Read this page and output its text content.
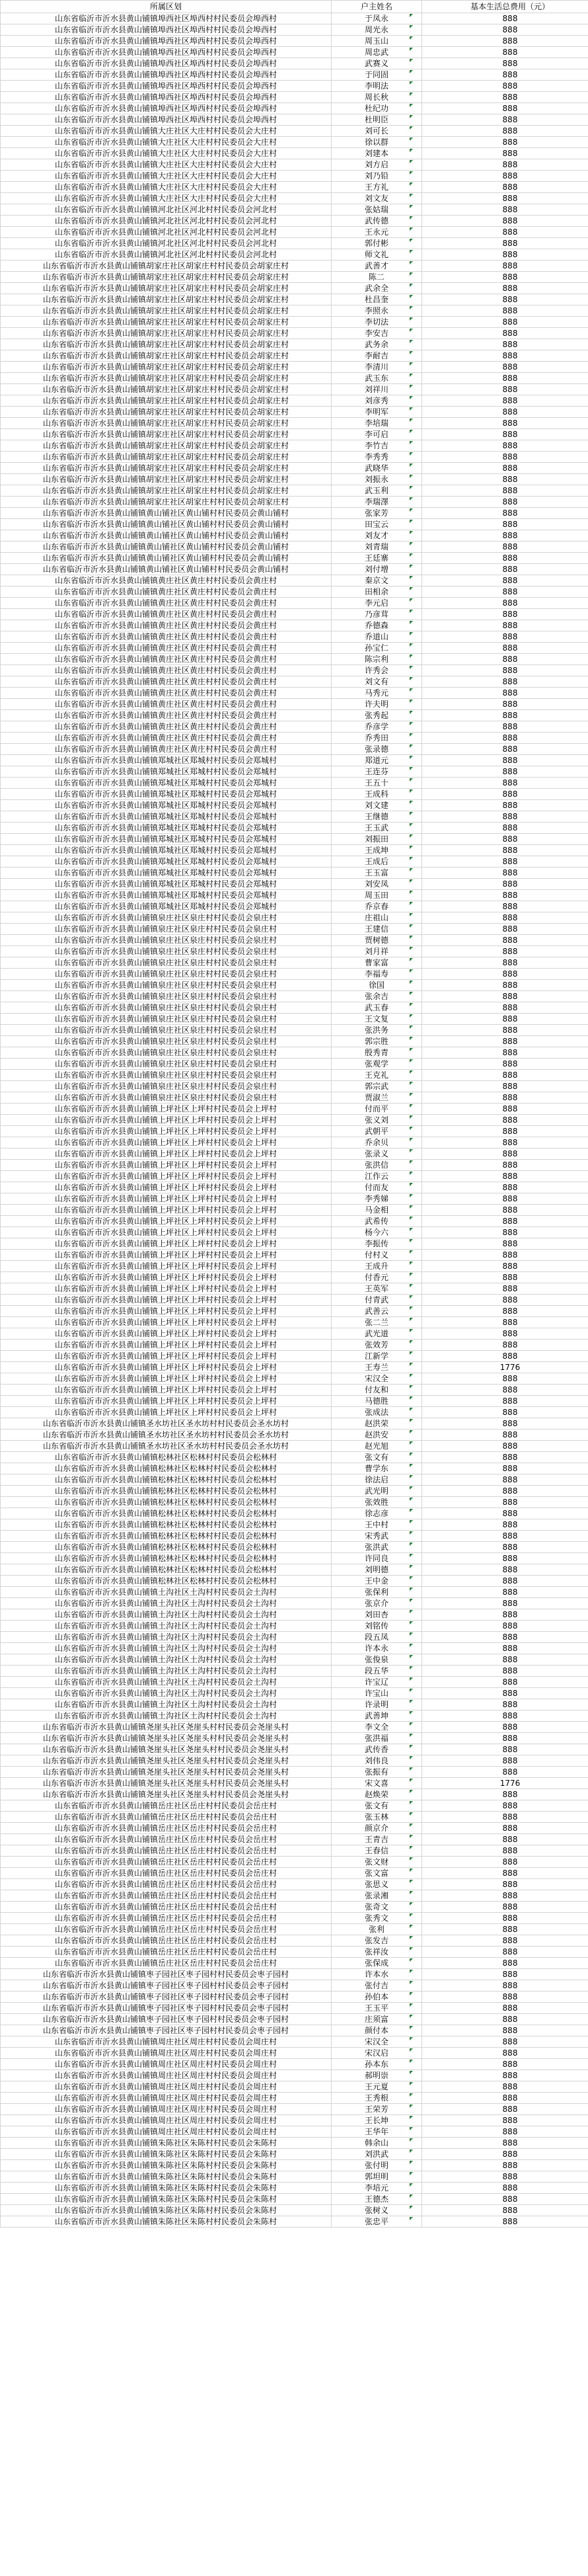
所属区划	户主姓名	基本生活总费用（元）
山东省临沂市沂水县黄山铺镇埠西社区埠西村村民委员会埠西村	于凤永	888
山东省临沂市沂水县黄山铺镇埠西社区埠西村村民委员会埠西村	周光永	888
山东省临沂市沂水县黄山铺镇埠西社区埠西村村民委员会埠西村	周玉山	888
山东省临沂市沂水县黄山铺镇埠西社区埠西村村民委员会埠西村	周忠武	888
山东省临沂市沂水县黄山铺镇埠西社区埠西村村民委员会埠西村	武赛义	888
山东省临沂市沂水县黄山铺镇埠西社区埠西村村民委员会埠西村	于同固	888
山东省临沂市沂水县黄山铺镇埠西社区埠西村村民委员会埠西村	李明法	888
山东省临沂市沂水县黄山铺镇埠西社区埠西村村民委员会埠西村	周长秋	888
山东省临沂市沂水县黄山铺镇埠西社区埠西村村民委员会埠西村	杜纪功	888
山东省临沂市沂水县黄山铺镇埠西社区埠西村村民委员会埠西村	杜明臣	888
山东省临沂市沂水县黄山铺镇大庄社区大庄村村民委员会大庄村	刘可长	888
山东省临沂市沂水县黄山铺镇大庄社区大庄村村民委员会大庄村	徐以群	888
山东省临沂市沂水县黄山铺镇大庄社区大庄村村民委员会大庄村	刘建本	888
山东省临沂市沂水县黄山铺镇大庄社区大庄村村民委员会大庄村	刘方启	888
山东省临沂市沂水县黄山铺镇大庄社区大庄村村民委员会大庄村	刘乃铅	888
山东省临沂市沂水县黄山铺镇大庄社区大庄村村民委员会大庄村	王方礼	888
山东省临沂市沂水县黄山铺镇大庄社区大庄村村民委员会大庄村	刘文友	888
山东省临沂市沂水县黄山铺镇河北社区河北村村民委员会河北村	张姑瑞	888
山东省临沂市沂水县黄山铺镇河北社区河北村村民委员会河北村	武传德	888
山东省临沂市沂水县黄山铺镇河北社区河北村村民委员会河北村	王永元	888
山东省临沂市沂水县黄山铺镇河北社区河北村村民委员会河北村	郭付彬	888
山东省临沂市沂水县黄山铺镇河北社区河北村村民委员会河北村	师文礼	888
山东省临沂市沂水县黄山铺镇胡家庄社区胡家庄村村民委员会胡家庄村	武善才	888
山东省临沂市沂水县黄山铺镇胡家庄社区胡家庄村村民委员会胡家庄村	陈二	888
山东省临沂市沂水县黄山铺镇胡家庄社区胡家庄村村民委员会胡家庄村	武余全	888
山东省临沂市沂水县黄山铺镇胡家庄社区胡家庄村村民委员会胡家庄村	杜昌奎	888
山东省临沂市沂水县黄山铺镇胡家庄社区胡家庄村村民委员会胡家庄村	李照永	888
山东省临沂市沂水县黄山铺镇胡家庄社区胡家庄村村民委员会胡家庄村	李切法	888
山东省临沂市沂水县黄山铺镇胡家庄社区胡家庄村村民委员会胡家庄村	李安吉	888
山东省临沂市沂水县黄山铺镇胡家庄社区胡家庄村村民委员会胡家庄村	武务余	888
山东省临沂市沂水县黄山铺镇胡家庄社区胡家庄村村民委员会胡家庄村	李耐吉	888
山东省临沂市沂水县黄山铺镇胡家庄社区胡家庄村村民委员会胡家庄村	李清川	888
山东省临沂市沂水县黄山铺镇胡家庄社区胡家庄村村民委员会胡家庄村	武玉东	888
山东省临沂市沂水县黄山铺镇胡家庄社区胡家庄村村民委员会胡家庄村	刘祥川	888
山东省临沂市沂水县黄山铺镇胡家庄社区胡家庄村村民委员会胡家庄村	刘彦秀	888
山东省临沂市沂水县黄山铺镇胡家庄社区胡家庄村村民委员会胡家庄村	李明军	888
山东省临沂市沂水县黄山铺镇胡家庄社区胡家庄村村民委员会胡家庄村	李培瑞	888
山东省临沂市沂水县黄山铺镇胡家庄社区胡家庄村村民委员会胡家庄村	李可启	888
山东省临沂市沂水县黄山铺镇胡家庄社区胡家庄村村民委员会胡家庄村	李竹吉	888
山东省临沂市沂水县黄山铺镇胡家庄社区胡家庄村村民委员会胡家庄村	李秀秀	888
山东省临沂市沂水县黄山铺镇胡家庄社区胡家庄村村民委员会胡家庄村	武晓华	888
山东省临沂市沂水县黄山铺镇胡家庄社区胡家庄村村民委员会胡家庄村	刘振永	888
山东省临沂市沂水县黄山铺镇胡家庄社区胡家庄村村民委员会胡家庄村	武玉利	888
山东省临沂市沂水县黄山铺镇胡家庄社区胡家庄村村民委员会胡家庄村	李瑞澤	888
山东省临沂市沂水县黄山铺镇黄山铺社区黄山铺村村民委员会黄山铺村	张家芳	888
山东省临沂市沂水县黄山铺镇黄山铺社区黄山铺村村民委员会黄山铺村	田宝云	888
山东省临沂市沂水县黄山铺镇黄山铺社区黄山铺村村民委员会黄山铺村	刘友才	888
山东省临沂市沂水县黄山铺镇黄山铺社区黄山铺村村民委员会黄山铺村	刘青瑞	888
山东省临沂市沂水县黄山铺镇黄山铺社区黄山铺村村民委员会黄山铺村	王廷寨	888
山东省临沂市沂水县黄山铺镇黄山铺社区黄山铺村村民委员会黄山铺村	刘付增	888
山东省临沂市沂水县黄山铺镇黄庄社区黄庄村村民委员会黄庄村	秦京文	888
山东省临沂市沂水县黄山铺镇黄庄社区黄庄村村民委员会黄庄村	田相余	888
山东省临沂市沂水县黄山铺镇黄庄社区黄庄村村民委员会黄庄村	李元启	888
山东省临沂市沂水县黄山铺镇黄庄社区黄庄村村民委员会黄庄村	乃彦茸	888
山东省临沂市沂水县黄山铺镇黄庄社区黄庄村村民委员会黄庄村	乔德森	888
山东省临沂市沂水县黄山铺镇黄庄社区黄庄村村民委员会黄庄村	乔道山	888
山东省临沂市沂水县黄山铺镇黄庄社区黄庄村村民委员会黄庄村	孙宝仁	888
山东省临沂市沂水县黄山铺镇黄庄社区黄庄村村民委员会黄庄村	陈宗利	888
山东省临沂市沂水县黄山铺镇黄庄社区黄庄村村民委员会黄庄村	许秀会	888
山东省临沂市沂水县黄山铺镇黄庄社区黄庄村村民委员会黄庄村	刘文有	888
山东省临沂市沂水县黄山铺镇黄庄社区黄庄村村民委员会黄庄村	马秀元	888
山东省临沂市沂水县黄山铺镇黄庄社区黄庄村村民委员会黄庄村	许夫明	888
山东省临沂市沂水县黄山铺镇黄庄社区黄庄村村民委员会黄庄村	张秀起	888
山东省临沂市沂水县黄山铺镇黄庄社区黄庄村村民委员会黄庄村	乔彦学	888
山东省临沂市沂水县黄山铺镇黄庄社区黄庄村村民委员会黄庄村	乔秀田	888
山东省临沂市沂水县黄山铺镇黄庄社区黄庄村村民委员会黄庄村	张录德	888
山东省临沂市沂水县黄山铺镇郑城社区郑城村村民委员会郑城村	郑道元	888
山东省临沂市沂水县黄山铺镇郑城社区郑城村村民委员会郑城村	王连芬	888
山东省临沂市沂水县黄山铺镇郑城社区郑城村村民委员会郑城村	王五十	888
山东省临沂市沂水县黄山铺镇郑城社区郑城村村民委员会郑城村	王成科	888
山东省临沂市沂水县黄山铺镇郑城社区郑城村村民委员会郑城村	刘文建	888
山东省临沂市沂水县黄山铺镇郑城社区郑城村村民委员会郑城村	王继德	888
山东省临沂市沂水县黄山铺镇郑城社区郑城村村民委员会郑城村	王玉武	888
山东省临沂市沂水县黄山铺镇郑城社区郑城村村民委员会郑城村	刘振田	888
山东省临沂市沂水县黄山铺镇郑城社区郑城村村民委员会郑城村	王成坤	888
山东省临沂市沂水县黄山铺镇郑城社区郑城村村民委员会郑城村	王成后	888
山东省临沂市沂水县黄山铺镇郑城社区郑城村村民委员会郑城村	王玉富	888
山东省临沂市沂水县黄山铺镇郑城社区郑城村村民委员会郑城村	刘安凤	888
山东省临沂市沂水县黄山铺镇郑城社区郑城村村民委员会郑城村	周玉田	888
山东省临沂市沂水县黄山铺镇郑城社区郑城村村民委员会郑城村	乔京春	888
山东省临沂市沂水县黄山铺镇泉庄社区泉庄村村民委员会泉庄村	庄祖山	888
山东省临沂市沂水县黄山铺镇泉庄社区泉庄村村民委员会泉庄村	王建信	888
山东省临沂市沂水县黄山铺镇泉庄社区泉庄村村民委员会泉庄村	贾树德	888
山东省临沂市沂水县黄山铺镇泉庄社区泉庄村村民委员会泉庄村	刘月祥	888
山东省临沂市沂水县黄山铺镇泉庄社区泉庄村村民委员会泉庄村	曹家富	888
山东省临沂市沂水县黄山铺镇泉庄社区泉庄村村民委员会泉庄村	李福寿	888
山东省临沂市沂水县黄山铺镇泉庄社区泉庄村村民委员会泉庄村	徐国	888
山东省临沂市沂水县黄山铺镇泉庄社区泉庄村村民委员会泉庄村	张余吉	888
山东省临沂市沂水县黄山铺镇泉庄社区泉庄村村民委员会泉庄村	武玉春	888
山东省临沂市沂水县黄山铺镇泉庄社区泉庄村村民委员会泉庄村	王文复	888
山东省临沂市沂水县黄山铺镇泉庄社区泉庄村村民委员会泉庄村	张洪务	888
山东省临沂市沂水县黄山铺镇泉庄社区泉庄村村民委员会泉庄村	郭宗胜	888
山东省临沂市沂水县黄山铺镇泉庄社区泉庄村村民委员会泉庄村	殷秀青	888
山东省临沂市沂水县黄山铺镇泉庄社区泉庄村村民委员会泉庄村	张观学	888
山东省临沂市沂水县黄山铺镇泉庄社区泉庄村村民委员会泉庄村	王克礼	888
山东省临沂市沂水县黄山铺镇泉庄社区泉庄村村民委员会泉庄村	郭宗武	888
山东省临沂市沂水县黄山铺镇泉庄社区泉庄村村民委员会泉庄村	贾淑兰	888
山东省临沂市沂水县黄山铺镇上坪社区上坪村村民委员会上坪村	付而平	888
山东省临沂市沂水县黄山铺镇上坪社区上坪村村民委员会上坪村	张义刘	888
山东省临沂市沂水县黄山铺镇上坪社区上坪村村民委员会上坪村	武朝平	888
山东省临沂市沂水县黄山铺镇上坪社区上坪村村民委员会上坪村	乔余贝	888
山东省临沂市沂水县黄山铺镇上坪社区上坪村村民委员会上坪村	张录义	888
山东省临沂市沂水县黄山铺镇上坪社区上坪村村民委员会上坪村	张洪信	888
山东省临沂市沂水县黄山铺镇上坪社区上坪村村民委员会上坪村	江作云	888
山东省临沂市沂水县黄山铺镇上坪社区上坪村村民委员会上坪村	付而友	888
山东省临沂市沂水县黄山铺镇上坪社区上坪村村民委员会上坪村	李秀娣	888
山东省临沂市沂水县黄山铺镇上坪社区上坪村村民委员会上坪村	马金相	888
山东省临沂市沂水县黄山铺镇上坪社区上坪村村民委员会上坪村	武希传	888
山东省临沂市沂水县黄山铺镇上坪社区上坪村村民委员会上坪村	杨今六	888
山东省临沂市沂水县黄山铺镇上坪社区上坪村村民委员会上坪村	李振传	888
山东省临沂市沂水县黄山铺镇上坪社区上坪村村民委员会上坪村	付村义	888
山东省临沂市沂水县黄山铺镇上坪社区上坪村村民委员会上坪村	王成升	888
山东省临沂市沂水县黄山铺镇上坪社区上坪村村民委员会上坪村	付香元	888
山东省临沂市沂水县黄山铺镇上坪社区上坪村村民委员会上坪村	王英军	888
山东省临沂市沂水县黄山铺镇上坪社区上坪村村民委员会上坪村	付青武	888
山东省临沂市沂水县黄山铺镇上坪社区上坪村村民委员会上坪村	武善云	888
山东省临沂市沂水县黄山铺镇上坪社区上坪村村民委员会上坪村	张二兰	888
山东省临沂市沂水县黄山铺镇上坪社区上坪村村民委员会上坪村	武光道	888
山东省临沂市沂水县黄山铺镇上坪社区上坪村村民委员会上坪村	张效芳	888
山东省临沂市沂水县黄山铺镇上坪社区上坪村村民委员会上坪村	江新学	888
山东省临沂市沂水县黄山铺镇上坪社区上坪村村民委员会上坪村	王寿兰	1776
山东省临沂市沂水县黄山铺镇上坪社区上坪村村民委员会上坪村	宋汉全	888
山东省临沂市沂水县黄山铺镇上坪社区上坪村村民委员会上坪村	付友和	888
山东省临沂市沂水县黄山铺镇上坪社区上坪村村民委员会上坪村	马德胜	888
山东省临沂市沂水县黄山铺镇上坪社区上坪村村民委员会上坪村	张成法	888
山东省临沂市沂水县黄山铺镇圣水坊社区圣水坊村村民委员会圣水坊村	赵洪荣	888
山东省临沂市沂水县黄山铺镇圣水坊社区圣水坊村村民委员会圣水坊村	赵洪安	888
山东省临沂市沂水县黄山铺镇圣水坊社区圣水坊村村民委员会圣水坊村	赵光旭	888
山东省临沂市沂水县黄山铺镇松林社区松林村村民委员会松林村	张文有	888
山东省临沂市沂水县黄山铺镇松林社区松林村村民委员会松林村	曹学东	888
山东省临沂市沂水县黄山铺镇松林社区松林村村民委员会松林村	徐法启	888
山东省临沂市沂水县黄山铺镇松林社区松林村村民委员会松林村	武光明	888
山东省临沂市沂水县黄山铺镇松林社区松林村村民委员会松林村	张效胜	888
山东省临沂市沂水县黄山铺镇松林社区松林村村民委员会松林村	徐志彦	888
山东省临沂市沂水县黄山铺镇松林社区松林村村民委员会松林村	王中村	888
山东省临沂市沂水县黄山铺镇松林社区松林村村民委员会松林村	宋秀武	888
山东省临沂市沂水县黄山铺镇松林社区松林村村民委员会松林村	张洪武	888
山东省临沂市沂水县黄山铺镇松林社区松林村村民委员会松林村	许同良	888
山东省临沂市沂水县黄山铺镇松林社区松林村村民委员会松林村	刘明德	888
山东省临沂市沂水县黄山铺镇松林社区松林村村民委员会松林村	王中金	888
山东省临沂市沂水县黄山铺镇土沟社区土沟村村民委员会土沟村	张保利	888
山东省临沂市沂水县黄山铺镇土沟社区土沟村村民委员会土沟村	张京介	888
山东省临沂市沂水县黄山铺镇土沟社区土沟村村民委员会土沟村	刘田杏	888
山东省临沂市沂水县黄山铺镇土沟社区土沟村村民委员会土沟村	刘铭传	888
山东省临沂市沂水县黄山铺镇土沟社区土沟村村民委员会土沟村	段五凤	888
山东省临沂市沂水县黄山铺镇土沟社区土沟村村民委员会土沟村	许本永	888
山东省临沂市沂水县黄山铺镇土沟社区土沟村村民委员会土沟村	张俊泉	888
山东省临沂市沂水县黄山铺镇土沟社区土沟村村民委员会土沟村	段五华	888
山东省临沂市沂水县黄山铺镇土沟社区土沟村村民委员会土沟村	许宝辽	888
山东省临沂市沂水县黄山铺镇土沟社区土沟村村民委员会土沟村	许宝山	888
山东省临沂市沂水县黄山铺镇土沟社区土沟村村民委员会土沟村	许录明	888
山东省临沂市沂水县黄山铺镇土沟社区土沟村村民委员会土沟村	武善坤	888
山东省临沂市沂水县黄山铺镇尧崖头社区尧崖头村村民委员会尧崖头村	李文全	888
山东省临沂市沂水县黄山铺镇尧崖头社区尧崖头村村民委员会尧崖头村	张洪福	888
山东省临沂市沂水县黄山铺镇尧崖头社区尧崖头村村民委员会尧崖头村	武传香	888
山东省临沂市沂水县黄山铺镇尧崖头社区尧崖头村村民委员会尧崖头村	刘伟良	888
山东省临沂市沂水县黄山铺镇尧崖头社区尧崖头村村民委员会尧崖头村	张振有	888
山东省临沂市沂水县黄山铺镇尧崖头社区尧崖头村村民委员会尧崖头村	宋文喜	1776
山东省临沂市沂水县黄山铺镇尧崖头社区尧崖头村村民委员会尧崖头村	赵焕荣	888
山东省临沂市沂水县黄山铺镇岳庄社区岳庄村村民委员会岳庄村	张文有	888
山东省临沂市沂水县黄山铺镇岳庄社区岳庄村村民委员会岳庄村	张玉林	888
山东省临沂市沂水县黄山铺镇岳庄社区岳庄村村民委员会岳庄村	颜京介	888
山东省临沂市沂水县黄山铺镇岳庄社区岳庄村村民委员会岳庄村	王青吉	888
山东省临沂市沂水县黄山铺镇岳庄社区岳庄村村民委员会岳庄村	王春信	888
山东省临沂市沂水县黄山铺镇岳庄社区岳庄村村民委员会岳庄村	张文财	888
山东省临沂市沂水县黄山铺镇岳庄社区岳庄村村民委员会岳庄村	张文富	888
山东省临沂市沂水县黄山铺镇岳庄社区岳庄村村民委员会岳庄村	张思义	888
山东省临沂市沂水县黄山铺镇岳庄社区岳庄村村民委员会岳庄村	张录湘	888
山东省临沂市沂水县黄山铺镇岳庄社区岳庄村村民委员会岳庄村	张奇文	888
山东省临沂市沂水县黄山铺镇岳庄社区岳庄村村民委员会岳庄村	张秀文	888
山东省临沂市沂水县黄山铺镇岳庄社区岳庄村村民委员会岳庄村	张利	888
山东省临沂市沂水县黄山铺镇岳庄社区岳庄村村民委员会岳庄村	张发吉	888
山东省临沂市沂水县黄山铺镇岳庄社区岳庄村村民委员会岳庄村	张祥汝	888
山东省临沂市沂水县黄山铺镇岳庄社区岳庄村村民委员会岳庄村	张保成	888
山东省临沂市沂水县黄山铺镇枣子园社区枣子园村村民委员会枣子园村	许本水	888
山东省临沂市沂水县黄山铺镇枣子园社区枣子园村村民委员会枣子园村	张付吉	888
山东省临沂市沂水县黄山铺镇枣子园社区枣子园村村民委员会枣子园村	孙伯本	888
山东省临沂市沂水县黄山铺镇枣子园社区枣子园村村民委员会枣子园村	王玉平	888
山东省临沂市沂水县黄山铺镇枣子园社区枣子园村村民委员会枣子园村	庄须富	888
山东省临沂市沂水县黄山铺镇枣子园社区枣子园村村民委员会枣子园村	颜付本	888
山东省临沂市沂水县黄山铺镇周庄社区周庄村村民委员会周庄村	宋汉全	888
山东省临沂市沂水县黄山铺镇周庄社区周庄村村民委员会周庄村	宋汉启	888
山东省临沂市沂水县黄山铺镇周庄社区周庄村村民委员会周庄村	孙本东	888
山东省临沂市沂水县黄山铺镇周庄社区周庄村村民委员会周庄村	郝明崇	888
山东省临沂市沂水县黄山铺镇周庄社区周庄村村民委员会周庄村	王元夏	888
山东省临沂市沂水县黄山铺镇周庄社区周庄村村民委员会周庄村	王秀根	888
山东省临沂市沂水县黄山铺镇周庄社区周庄村村民委员会周庄村	王荣芳	888
山东省临沂市沂水县黄山铺镇周庄社区周庄村村民委员会周庄村	王长坤	888
山东省临沂市沂水县黄山铺镇周庄社区周庄村村民委员会周庄村	王华年	888
山东省临沂市沂水县黄山铺镇朱陈社区朱陈村村民委员会朱陈村	韩余山	888
山东省临沂市沂水县黄山铺镇朱陈社区朱陈村村民委员会朱陈村	刘洪武	888
山东省临沂市沂水县黄山铺镇朱陈社区朱陈村村民委员会朱陈村	张付明	888
山东省临沂市沂水县黄山铺镇朱陈社区朱陈村村民委员会朱陈村	郭坦明	888
山东省临沂市沂水县黄山铺镇朱陈社区朱陈村村民委员会朱陈村	李培元	888
山东省临沂市沂水县黄山铺镇朱陈社区朱陈村村民委员会朱陈村	王德杰	888
山东省临沂市沂水县黄山铺镇朱陈社区朱陈村村民委员会朱陈村	张树义	888
山东省临沂市沂水县黄山铺镇朱陈社区朱陈村村民委员会朱陈村	张忠平	888
